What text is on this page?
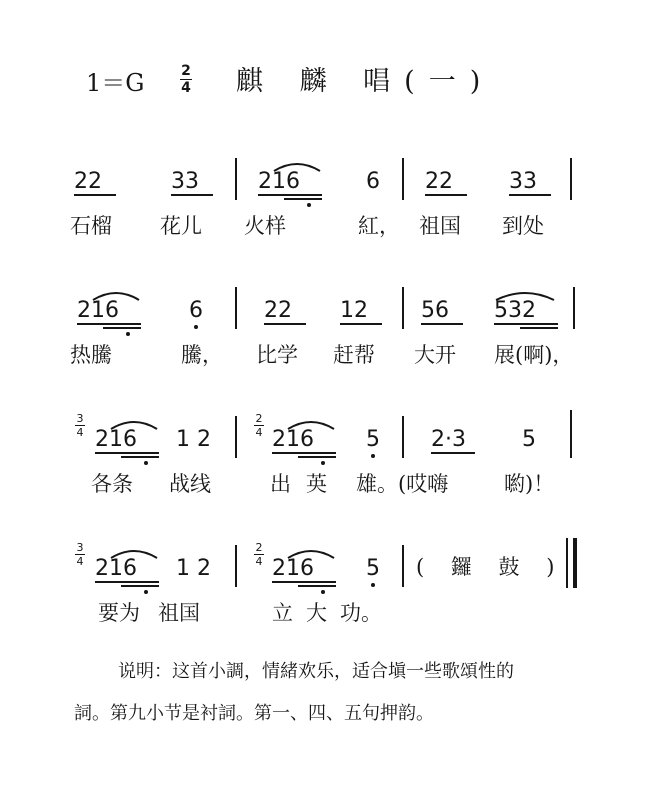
1＝G	2
4 麒 麟 唱(一)
22	33	216	6 22	33
石榴 花儿 火样	紅， 祖国 到处
216	6	22 12 56 532
热騰	騰， 比学 赶帮 大开 展(啊)，
3
4 216 1 2
2
4 216 5 2·3	5
各条 战线	出 英 雄。(哎嗨	喲)！
3
4 216 1 2
2
4 216 5 ( 鑼 鼓 )
要为 祖国	立 大 功。
说明：这首小調，情緒欢乐，适合塡一些歌頌性的
詞。第九小节是衬詞。第一、四、五句押韵。
